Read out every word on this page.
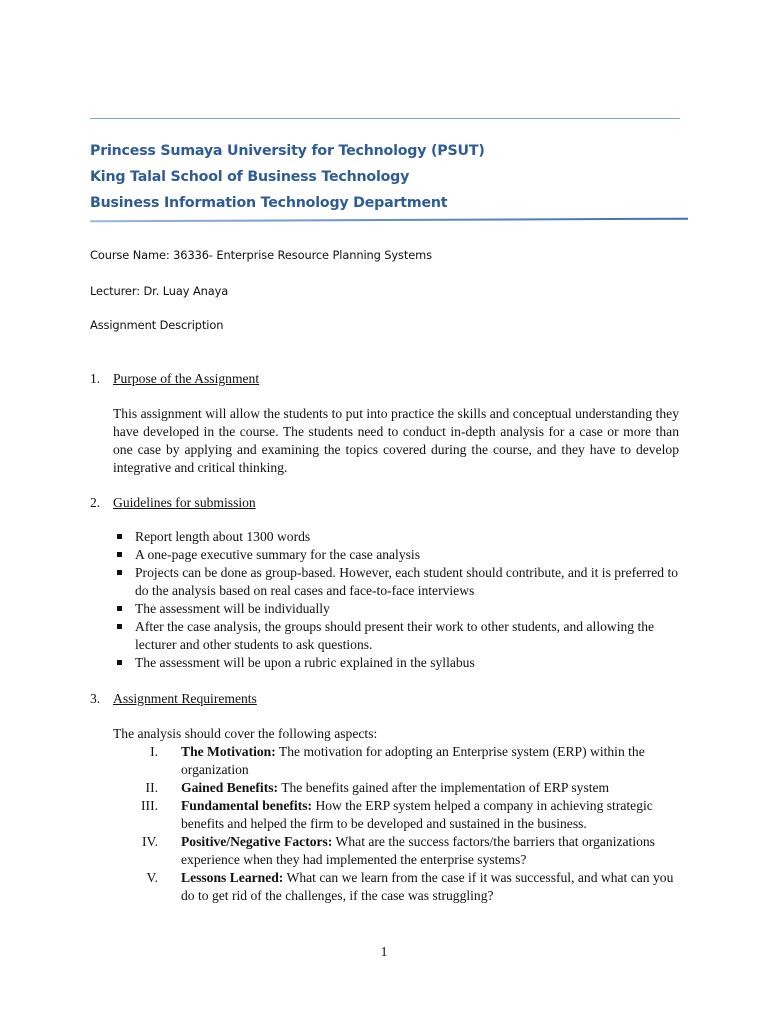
Princess Sumaya University for Technology (PSUT)
King Talal School of Business Technology
Business Information Technology Department
Course Name: 36336- Enterprise Resource Planning Systems
Lecturer: Dr. Luay Anaya
Assignment Description
1. Purpose of the Assignment
This assignment will allow the students to put into practice the skills and conceptual understanding they have developed in the course. The students need to conduct in-depth analysis for a case or more than one case by applying and examining the topics covered during the course, and they have to develop integrative and critical thinking.
2. Guidelines for submission
Report length about 1300 words
A one-page executive summary for the case analysis
Projects can be done as group-based. However, each student should contribute, and it is preferred to do the analysis based on real cases and face-to-face interviews
The assessment will be individually
After the case analysis, the groups should present their work to other students, and allowing the lecturer and other students to ask questions.
The assessment will be upon a rubric explained in the syllabus
3. Assignment Requirements
The analysis should cover the following aspects:
I. The Motivation: The motivation for adopting an Enterprise system (ERP) within the organization
II. Gained Benefits: The benefits gained after the implementation of ERP system
III. Fundamental benefits: How the ERP system helped a company in achieving strategic benefits and helped the firm to be developed and sustained in the business.
IV. Positive/Negative Factors: What are the success factors/the barriers that organizations experience when they had implemented the enterprise systems?
V. Lessons Learned: What can we learn from the case if it was successful, and what can you do to get rid of the challenges, if the case was struggling?
1
